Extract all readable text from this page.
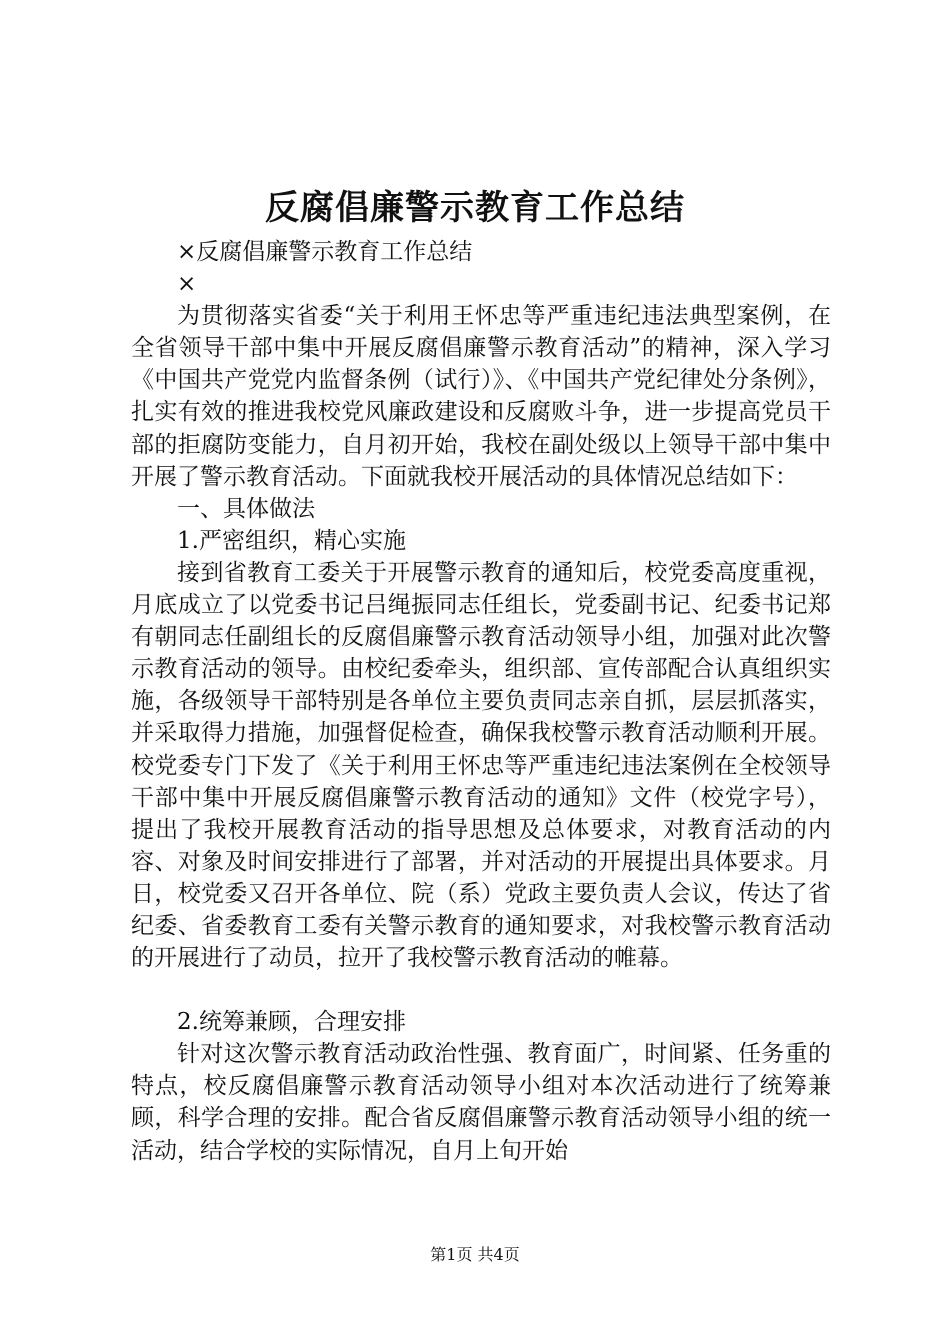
反腐倡廉警示教育工作总结

×反腐倡廉警示教育工作总结

×

为贯彻落实省委“关于利用王怀忠等严重违纪违法典型案例，在全省领导干部中集中开展反腐倡廉警示教育活动”的精神，深入学习《中国共产党党内监督条例（试行）》、《中国共产党纪律处分条例》，扎实有效的推进我校党风廉政建设和反腐败斗争，进一步提高党员干部的拒腐防变能力，自月初开始，我校在副处级以上领导干部中集中开展了警示教育活动。下面就我校开展活动的具体情况总结如下：

一、具体做法

1.严密组织，精心实施

接到省教育工委关于开展警示教育的通知后，校党委高度重视，月底成立了以党委书记吕绳振同志任组长，党委副书记、纪委书记郑有朝同志任副组长的反腐倡廉警示教育活动领导小组，加强对此次警示教育活动的领导。由校纪委牵头，组织部、宣传部配合认真组织实施，各级领导干部特别是各单位主要负责同志亲自抓，层层抓落实，并采取得力措施，加强督促检查，确保我校警示教育活动顺利开展。校党委专门下发了《关于利用王怀忠等严重违纪违法案例在全校领导干部中集中开展反腐倡廉警示教育活动的通知》文件（校党字号），提出了我校开展教育活动的指导思想及总体要求，对教育活动的内容、对象及时间安排进行了部署，并对活动的开展提出具体要求。月日，校党委又召开各单位、院（系）党政主要负责人会议，传达了省纪委、省委教育工委有关警示教育的通知要求，对我校警示教育活动的开展进行了动员，拉开了我校警示教育活动的帷幕。

2.统筹兼顾，合理安排

针对这次警示教育活动政治性强、教育面广，时间紧、任务重的特点，校反腐倡廉警示教育活动领导小组对本次活动进行了统筹兼顾，科学合理的安排。配合省反腐倡廉警示教育活动领导小组的统一活动，结合学校的实际情况，自月上旬开始

第1页 共4页
